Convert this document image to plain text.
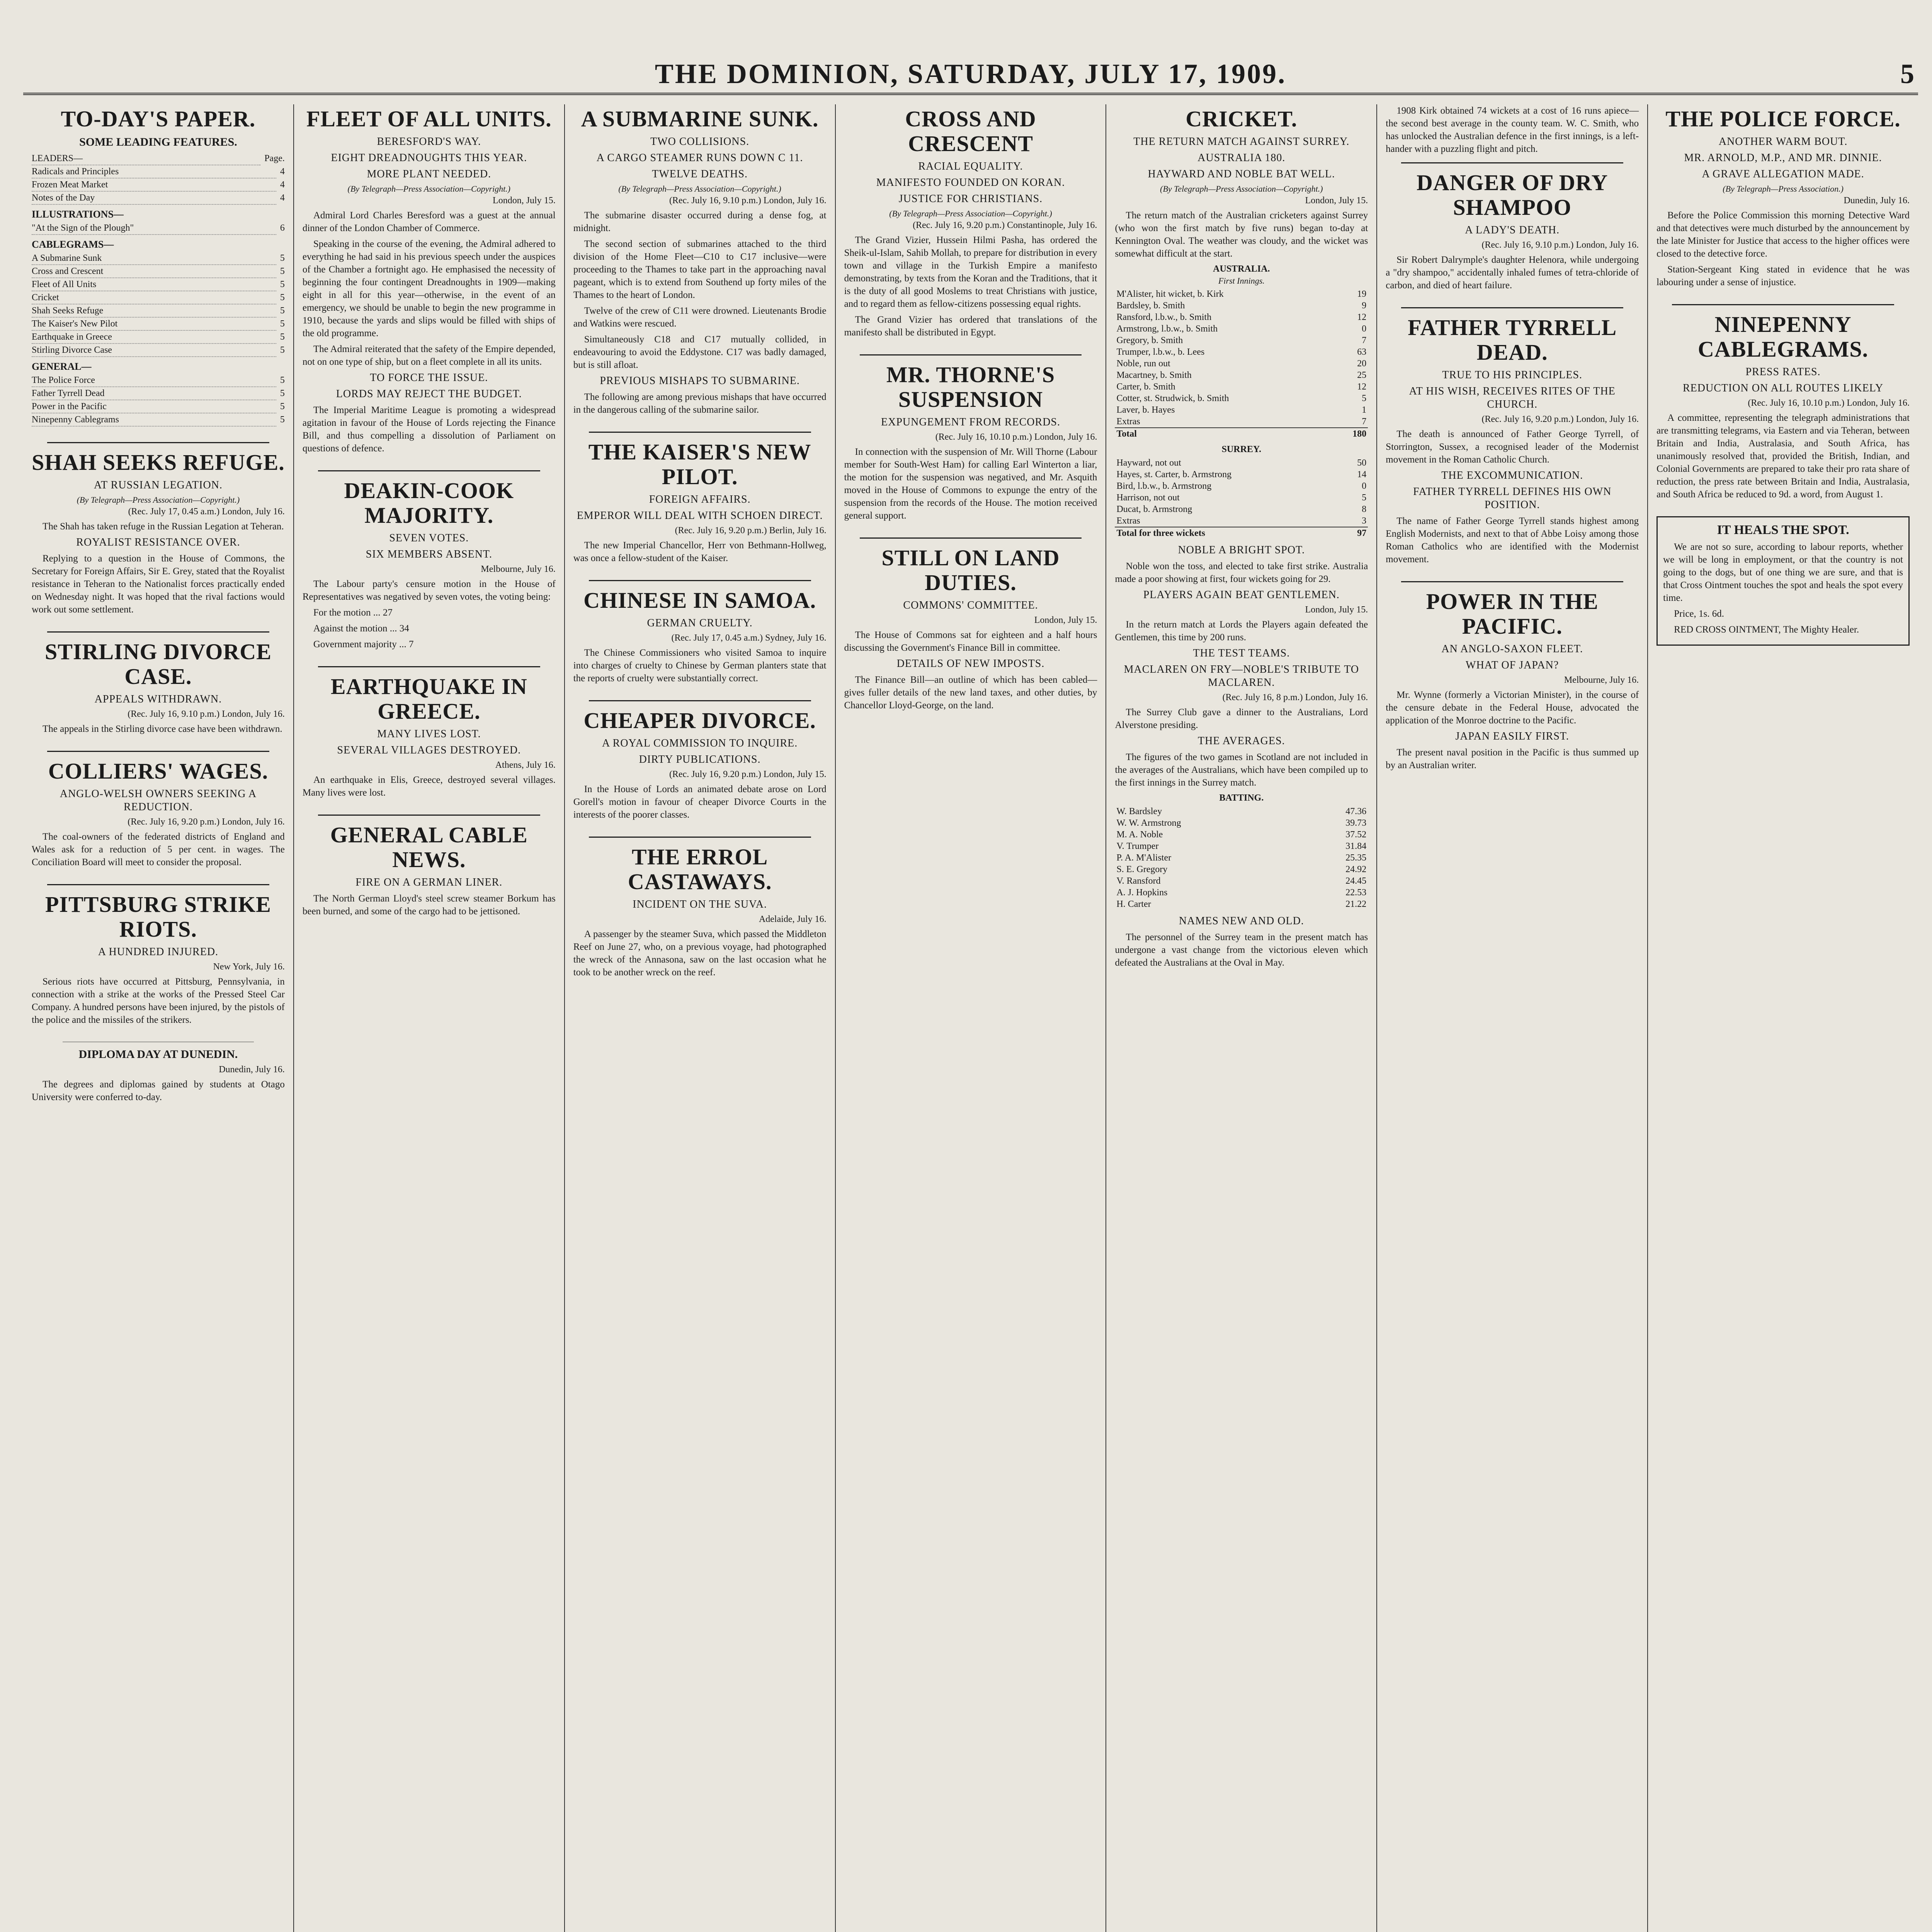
THE DOMINION, SATURDAY, JULY 17, 1909.	5
TO-DAY'S PAPER.
SOME LEADING FEATURES.
LEADERS—	Page.
Radicals and Principles	4
Frozen Meat Market	4
Notes of the Day	4
ILLUSTRATIONS—
"At the Sign of the Plough"	6
CABLEGRAMS—
A Submarine Sunk	5
Cross and Crescent	5
Fleet of All Units	5
Cricket	5
Shah Seeks Refuge	5
The Kaiser's New Pilot	5
Earthquake in Greece	5
Stirling Divorce Case	5
GENERAL—
The Police Force	5
Father Tyrrell Dead	5
Power in the Pacific	5
Ninepenny Cablegrams	5
SHAH SEEKS REFUGE.
AT RUSSIAN LEGATION.
(By Telegraph—Press Association—Copyright.)
(Rec. July 17, 0.45 a.m.) London, July 16.

The Shah has taken refuge in the Russian Legation at Teheran.

ROYALIST RESISTANCE OVER.

Replying to a question in the House of Commons, the Secretary for Foreign Affairs, Sir E. Grey, stated that the Royalist resistance in Teheran to the Nationalist forces practically ended on Wednesday night. It was hoped that the rival factions would work out some settlement.

STIRLING DIVORCE CASE.
APPEALS WITHDRAWN.
(Rec. July 16, 9.10 p.m.) London, July 16.

The appeals in the Stirling divorce case have been withdrawn.

COLLIERS' WAGES.
ANGLO-WELSH OWNERS SEEKING A REDUCTION.
(Rec. July 16, 9.20 p.m.) London, July 16.

The coal-owners of the federated districts of England and Wales ask for a reduction of 5 per cent. in wages. The Conciliation Board will meet to consider the proposal.

PITTSBURG STRIKE RIOTS.
A HUNDRED INJURED.
New York, July 16.

Serious riots have occurred at Pittsburg, Pennsylvania, in connection with a strike at the works of the Pressed Steel Car Company. A hundred persons have been injured, by the pistols of the police and the missiles of the strikers.

DIPLOMA DAY AT DUNEDIN.
Dunedin, July 16.

The degrees and diplomas gained by students at Otago University were conferred to-day.

FLEET OF ALL UNITS.
BERESFORD'S WAY.
EIGHT DREADNOUGHTS THIS YEAR.
MORE PLANT NEEDED.
(By Telegraph—Press Association—Copyright.)
London, July 15.

Admiral Lord Charles Beresford was a guest at the annual dinner of the London Chamber of Commerce.

Speaking in the course of the evening, the Admiral adhered to everything he had said in his previous speech under the auspices of the Chamber a fortnight ago. He emphasised the necessity of beginning the four contingent Dreadnoughts in 1909—making eight in all for this year—otherwise, in the event of an emergency, we should be unable to begin the new programme in 1910, because the yards and slips would be filled with ships of the old programme.

The Admiral reiterated that the safety of the Empire depended, not on one type of ship, but on a fleet complete in all its units.

TO FORCE THE ISSUE.
LORDS MAY REJECT THE BUDGET.

The Imperial Maritime League is promoting a widespread agitation in favour of the House of Lords rejecting the Finance Bill, and thus compelling a dissolution of Parliament on questions of defence.

DEAKIN-COOK MAJORITY.
SEVEN VOTES.
SIX MEMBERS ABSENT.
Melbourne, July 16.

The Labour party's censure motion in the House of Representatives was negatived by seven votes, the voting being:

For the motion ... 27

Against the motion ... 34

Government majority ... 7

EARTHQUAKE IN GREECE.
MANY LIVES LOST.
SEVERAL VILLAGES DESTROYED.
Athens, July 16.

An earthquake in Elis, Greece, destroyed several villages. Many lives were lost.

GENERAL CABLE NEWS.
FIRE ON A GERMAN LINER.

The North German Lloyd's steel screw steamer Borkum has been burned, and some of the cargo had to be jettisoned.

A SUBMARINE SUNK.
TWO COLLISIONS.
A CARGO STEAMER RUNS DOWN C 11.
TWELVE DEATHS.
(By Telegraph—Press Association—Copyright.)
(Rec. July 16, 9.10 p.m.) London, July 16.

The submarine disaster occurred during a dense fog, at midnight.

The second section of submarines attached to the third division of the Home Fleet—C10 to C17 inclusive—were proceeding to the Thames to take part in the approaching naval pageant, which is to extend from Southend up forty miles of the Thames to the heart of London.

Twelve of the crew of C11 were drowned. Lieutenants Brodie and Watkins were rescued.

Simultaneously C18 and C17 mutually collided, in endeavouring to avoid the Eddystone. C17 was badly damaged, but is still afloat.

PREVIOUS MISHAPS TO SUBMARINE.

The following are among previous mishaps that have occurred in the dangerous calling of the submarine sailor.

THE KAISER'S NEW PILOT.
FOREIGN AFFAIRS.
EMPEROR WILL DEAL WITH SCHOEN DIRECT.
(Rec. July 16, 9.20 p.m.) Berlin, July 16.

The new Imperial Chancellor, Herr von Bethmann-Hollweg, was once a fellow-student of the Kaiser.

CHINESE IN SAMOA.
GERMAN CRUELTY.
(Rec. July 17, 0.45 a.m.) Sydney, July 16.

The Chinese Commissioners who visited Samoa to inquire into charges of cruelty to Chinese by German planters state that the reports of cruelty were substantially correct.

CHEAPER DIVORCE.
A ROYAL COMMISSION TO INQUIRE.
DIRTY PUBLICATIONS.
(Rec. July 16, 9.20 p.m.) London, July 15.

In the House of Lords an animated debate arose on Lord Gorell's motion in favour of cheaper Divorce Courts in the interests of the poorer classes.

THE ERROL CASTAWAYS.
INCIDENT ON THE SUVA.
Adelaide, July 16.

A passenger by the steamer Suva, which passed the Middleton Reef on June 27, who, on a previous voyage, had photographed the wreck of the Annasona, saw on the last occasion what he took to be another wreck on the reef.

CROSS AND CRESCENT
RACIAL EQUALITY.
MANIFESTO FOUNDED ON KORAN.
JUSTICE FOR CHRISTIANS.
(By Telegraph—Press Association—Copyright.)
(Rec. July 16, 9.20 p.m.) Constantinople, July 16.

The Grand Vizier, Hussein Hilmi Pasha, has ordered the Sheik-ul-Islam, Sahib Mollah, to prepare for distribution in every town and village in the Turkish Empire a manifesto demonstrating, by texts from the Koran and the Traditions, that it is the duty of all good Moslems to treat Christians with justice, and to regard them as fellow-citizens possessing equal rights.

The Grand Vizier has ordered that translations of the manifesto shall be distributed in Egypt.

MR. THORNE'S SUSPENSION
EXPUNGEMENT FROM RECORDS.
(Rec. July 16, 10.10 p.m.) London, July 16.

In connection with the suspension of Mr. Will Thorne (Labour member for South-West Ham) for calling Earl Winterton a liar, the motion for the suspension was negatived, and Mr. Asquith moved in the House of Commons to expunge the entry of the suspension from the records of the House. The motion received general support.

STILL ON LAND DUTIES.
COMMONS' COMMITTEE.
London, July 15.

The House of Commons sat for eighteen and a half hours discussing the Government's Finance Bill in committee.

DETAILS OF NEW IMPOSTS.

The Finance Bill—an outline of which has been cabled—gives fuller details of the new land taxes, and other duties, by Chancellor Lloyd-George, on the land.

CRICKET.
THE RETURN MATCH AGAINST SURREY.
AUSTRALIA 180.
HAYWARD AND NOBLE BAT WELL.
(By Telegraph—Press Association—Copyright.)
London, July 15.

The return match of the Australian cricketers against Surrey (who won the first match by five runs) began to-day at Kennington Oval. The weather was cloudy, and the wicket was somewhat difficult at the start.

AUSTRALIA.
First Innings.
M'Alister, hit wicket, b. Kirk	19
Bardsley, b. Smith	9
Ransford, l.b.w., b. Smith	12
Armstrong, l.b.w., b. Smith	0
Gregory, b. Smith	7
Trumper, l.b.w., b. Lees	63
Noble, run out	20
Macartney, b. Smith	25
Carter, b. Smith	12
Cotter, st. Strudwick, b. Smith	5
Laver, b. Hayes	1
Extras	7
Total	180
SURREY.
Hayward, not out	50
Hayes, st. Carter, b. Armstrong	14
Bird, l.b.w., b. Armstrong	0
Harrison, not out	5
Ducat, b. Armstrong	8
Extras	3
Total for three wickets	97
NOBLE A BRIGHT SPOT.

Noble won the toss, and elected to take first strike. Australia made a poor showing at first, four wickets going for 29.

PLAYERS AGAIN BEAT GENTLEMEN.
London, July 15.

In the return match at Lords the Players again defeated the Gentlemen, this time by 200 runs.

THE TEST TEAMS.
MACLAREN ON FRY—NOBLE'S TRIBUTE TO MACLAREN.
(Rec. July 16, 8 p.m.) London, July 16.

The Surrey Club gave a dinner to the Australians, Lord Alverstone presiding.

THE AVERAGES.

The figures of the two games in Scotland are not included in the averages of the Australians, which have been compiled up to the first innings in the Surrey match.

BATTING.
W. Bardsley	47.36
W. W. Armstrong	39.73
M. A. Noble	37.52
V. Trumper	31.84
P. A. M'Alister	25.35
S. E. Gregory	24.92
V. Ransford	24.45
A. J. Hopkins	22.53
H. Carter	21.22
NAMES NEW AND OLD.

The personnel of the Surrey team in the present match has undergone a vast change from the victorious eleven which defeated the Australians at the Oval in May.

1908 Kirk obtained 74 wickets at a cost of 16 runs apiece—the second best average in the county team. W. C. Smith, who has unlocked the Australian defence in the first innings, is a left-hander with a puzzling flight and pitch.

DANGER OF DRY SHAMPOO
A LADY'S DEATH.
(Rec. July 16, 9.10 p.m.) London, July 16.

Sir Robert Dalrymple's daughter Helenora, while undergoing a "dry shampoo," accidentally inhaled fumes of tetra-chloride of carbon, and died of heart failure.

FATHER TYRRELL DEAD.
TRUE TO HIS PRINCIPLES.
AT HIS WISH, RECEIVES RITES OF THE CHURCH.
(Rec. July 16, 9.20 p.m.) London, July 16.

The death is announced of Father George Tyrrell, of Storrington, Sussex, a recognised leader of the Modernist movement in the Roman Catholic Church.

THE EXCOMMUNICATION.
FATHER TYRRELL DEFINES HIS OWN POSITION.

The name of Father George Tyrrell stands highest among English Modernists, and next to that of Abbe Loisy among those Roman Catholics who are identified with the Modernist movement.

POWER IN THE PACIFIC.
AN ANGLO-SAXON FLEET.
WHAT OF JAPAN?
Melbourne, July 16.

Mr. Wynne (formerly a Victorian Minister), in the course of the censure debate in the Federal House, advocated the application of the Monroe doctrine to the Pacific.

JAPAN EASILY FIRST.

The present naval position in the Pacific is thus summed up by an Australian writer.

THE POLICE FORCE.
ANOTHER WARM BOUT.
MR. ARNOLD, M.P., AND MR. DINNIE.
A GRAVE ALLEGATION MADE.
(By Telegraph—Press Association.)
Dunedin, July 16.

Before the Police Commission this morning Detective Ward and that detectives were much disturbed by the announcement by the late Minister for Justice that access to the higher offices were closed to the detective force.

Station-Sergeant King stated in evidence that he was labouring under a sense of injustice.

NINEPENNY CABLEGRAMS.
PRESS RATES.
REDUCTION ON ALL ROUTES LIKELY
(Rec. July 16, 10.10 p.m.) London, July 16.

A committee, representing the telegraph administrations that are transmitting telegrams, via Eastern and via Teheran, between Britain and India, Australasia, and South Africa, has unanimously resolved that, provided the British, Indian, and Colonial Governments are prepared to take their pro rata share of reduction, the press rate between Britain and India, Australasia, and South Africa be reduced to 9d. a word, from August 1.

IT HEALS THE SPOT.

We are not so sure, according to labour reports, whether we will be long in employment, or that the country is not going to the dogs, but of one thing we are sure, and that is that Cross Ointment touches the spot and heals the spot every time.

Price, 1s. 6d.

RED CROSS OINTMENT, The Mighty Healer.
